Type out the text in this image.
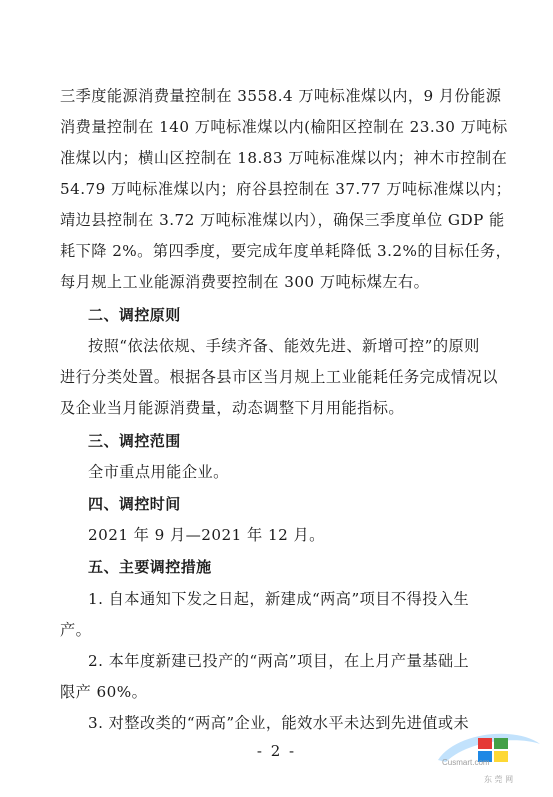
三季度能源消费量控制在 3558.4 万吨标准煤以内，9 月份能源
消费量控制在 140 万吨标准煤以内(榆阳区控制在 23.30 万吨标
准煤以内；横山区控制在 18.83 万吨标准煤以内；神木市控制在
54.79 万吨标准煤以内；府谷县控制在 37.77 万吨标准煤以内；
靖边县控制在 3.72 万吨标准煤以内），确保三季度单位 GDP 能
耗下降 2%。第四季度，要完成年度单耗降低 3.2%的目标任务，
每月规上工业能源消费要控制在 300 万吨标煤左右。
二、调控原则
按照“依法依规、手续齐备、能效先进、新增可控”的原则
进行分类处置。根据各县市区当月规上工业能耗任务完成情况以
及企业当月能源消费量，动态调整下月用能指标。
三、调控范围
全市重点用能企业。
四、调控时间
2021 年 9 月—2021 年 12 月。
五、主要调控措施
1. 自本通知下发之日起，新建成“两高”项目不得投入生
产。
2. 本年度新建已投产的“两高”项目，在上月产量基础上
限产 60%。
3. 对整改类的“两高”企业，能效水平未达到先进值或未
- 2 -
Cusmart.com
东 莞 网
